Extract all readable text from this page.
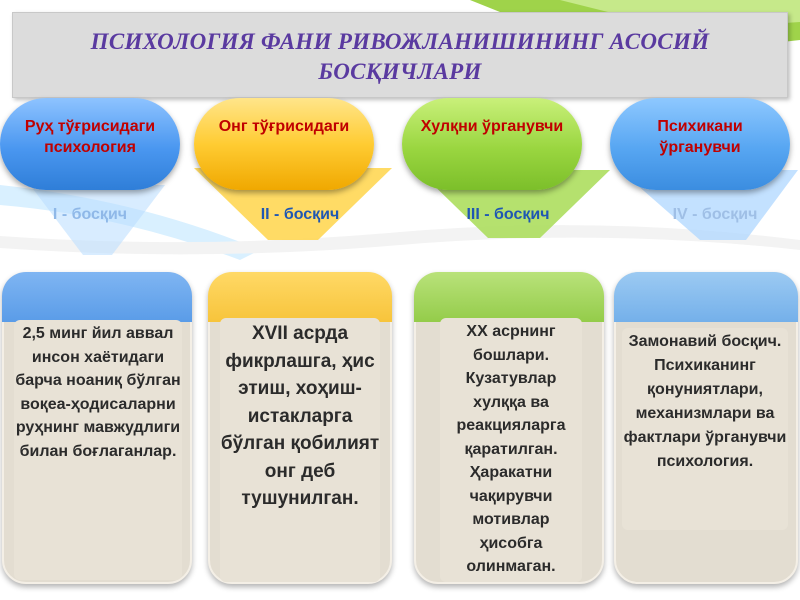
ПСИХОЛОГИЯ ФАНИ РИВОЖЛАНИШИНИНГ АСОСИЙ БОСҚИЧЛАРИ
Руҳ тўғрисидаги психология
I - босқич
2,5 минг йил аввал инсон хаётидаги барча ноаниқ бўлган воқеа-ҳодисаларни руҳнинг мавжудлиги билан боғлаганлар.
Онг тўғрисидаги
II - босқич
XVII асрда фикрлашга, ҳис этиш, хоҳиш-истакларга бўлган қобилият онг деб тушунилган.
Хулқни ўрганувчи
III - босқич
XX асрнинг бошлари. Кузатувлар хулққа ва реакцияларга қаратилган. Ҳаракатни чақирувчи мотивлар ҳисобга олинмаган.
Психикани ўрганувчи
IV - босқич
Замонавий босқич. Психиканинг қонуниятлари, механизмлари ва фактлари ўрганувчи психология.
